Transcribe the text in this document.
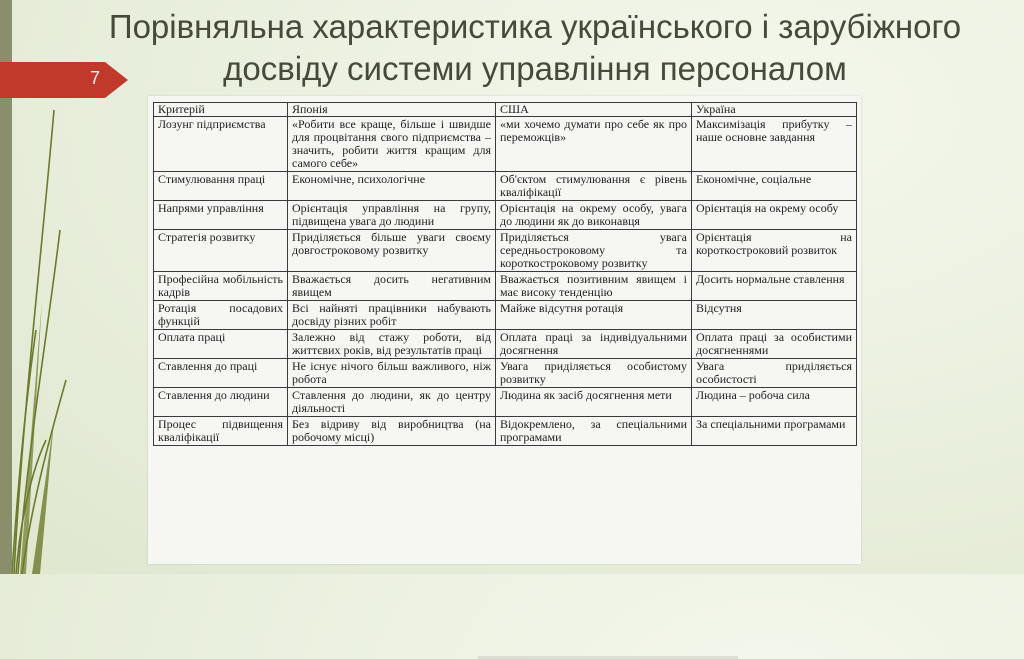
Порівняльна характеристика українського і зарубіжного досвіду системи управління персоналом
7
Критерій	Японія	США	Україна
Лозунг підприємства	«Робити все краще, більше і швидше для процвітання свого підприємства – значить, робити життя кращим для самого себе»	«ми хочемо думати про себе як про переможців»	Максимізація прибутку – наше основне завдання
Стимулювання праці	Економічне, психологічне	Об'єктом стимулювання є рівень кваліфікації	Економічне, соціальне
Напрями управління	Орієнтація управління на групу, підвищена увага до людини	Орієнтація на окрему особу, увага до людини як до виконавця	Орієнтація на окрему особу
Стратегія розвитку	Приділяється більше уваги своєму довгостроковому розвитку	Приділяється увага середньостроковому та короткостроковому розвитку	Орієнтація на короткостроковий розвиток
Професійна мобільність кадрів	Вважається досить негативним явищем	Вважається позитивним явищем і має високу тенденцію	Досить нормальне ставлення
Ротація посадових функцій	Всі найняті працівники набувають досвіду різних робіт	Майже відсутня ротація	Відсутня
Оплата праці	Залежно від стажу роботи, від життєвих років, від результатів праці	Оплата праці за індивідуальними досягнення	Оплата праці за особистими досягненнями
Ставлення до праці	Не існує нічого більш важливого, ніж робота	Увага приділяється особистому розвитку	Увага приділяється особистості
Ставлення до людини	Ставлення до людини, як до центру діяльності	Людина як засіб досягнення мети	Людина – робоча сила
Процес підвищення кваліфікації	Без відриву від виробництва (на робочому місці)	Відокремлено, за спеціальними програмами	За спеціальними програмами
